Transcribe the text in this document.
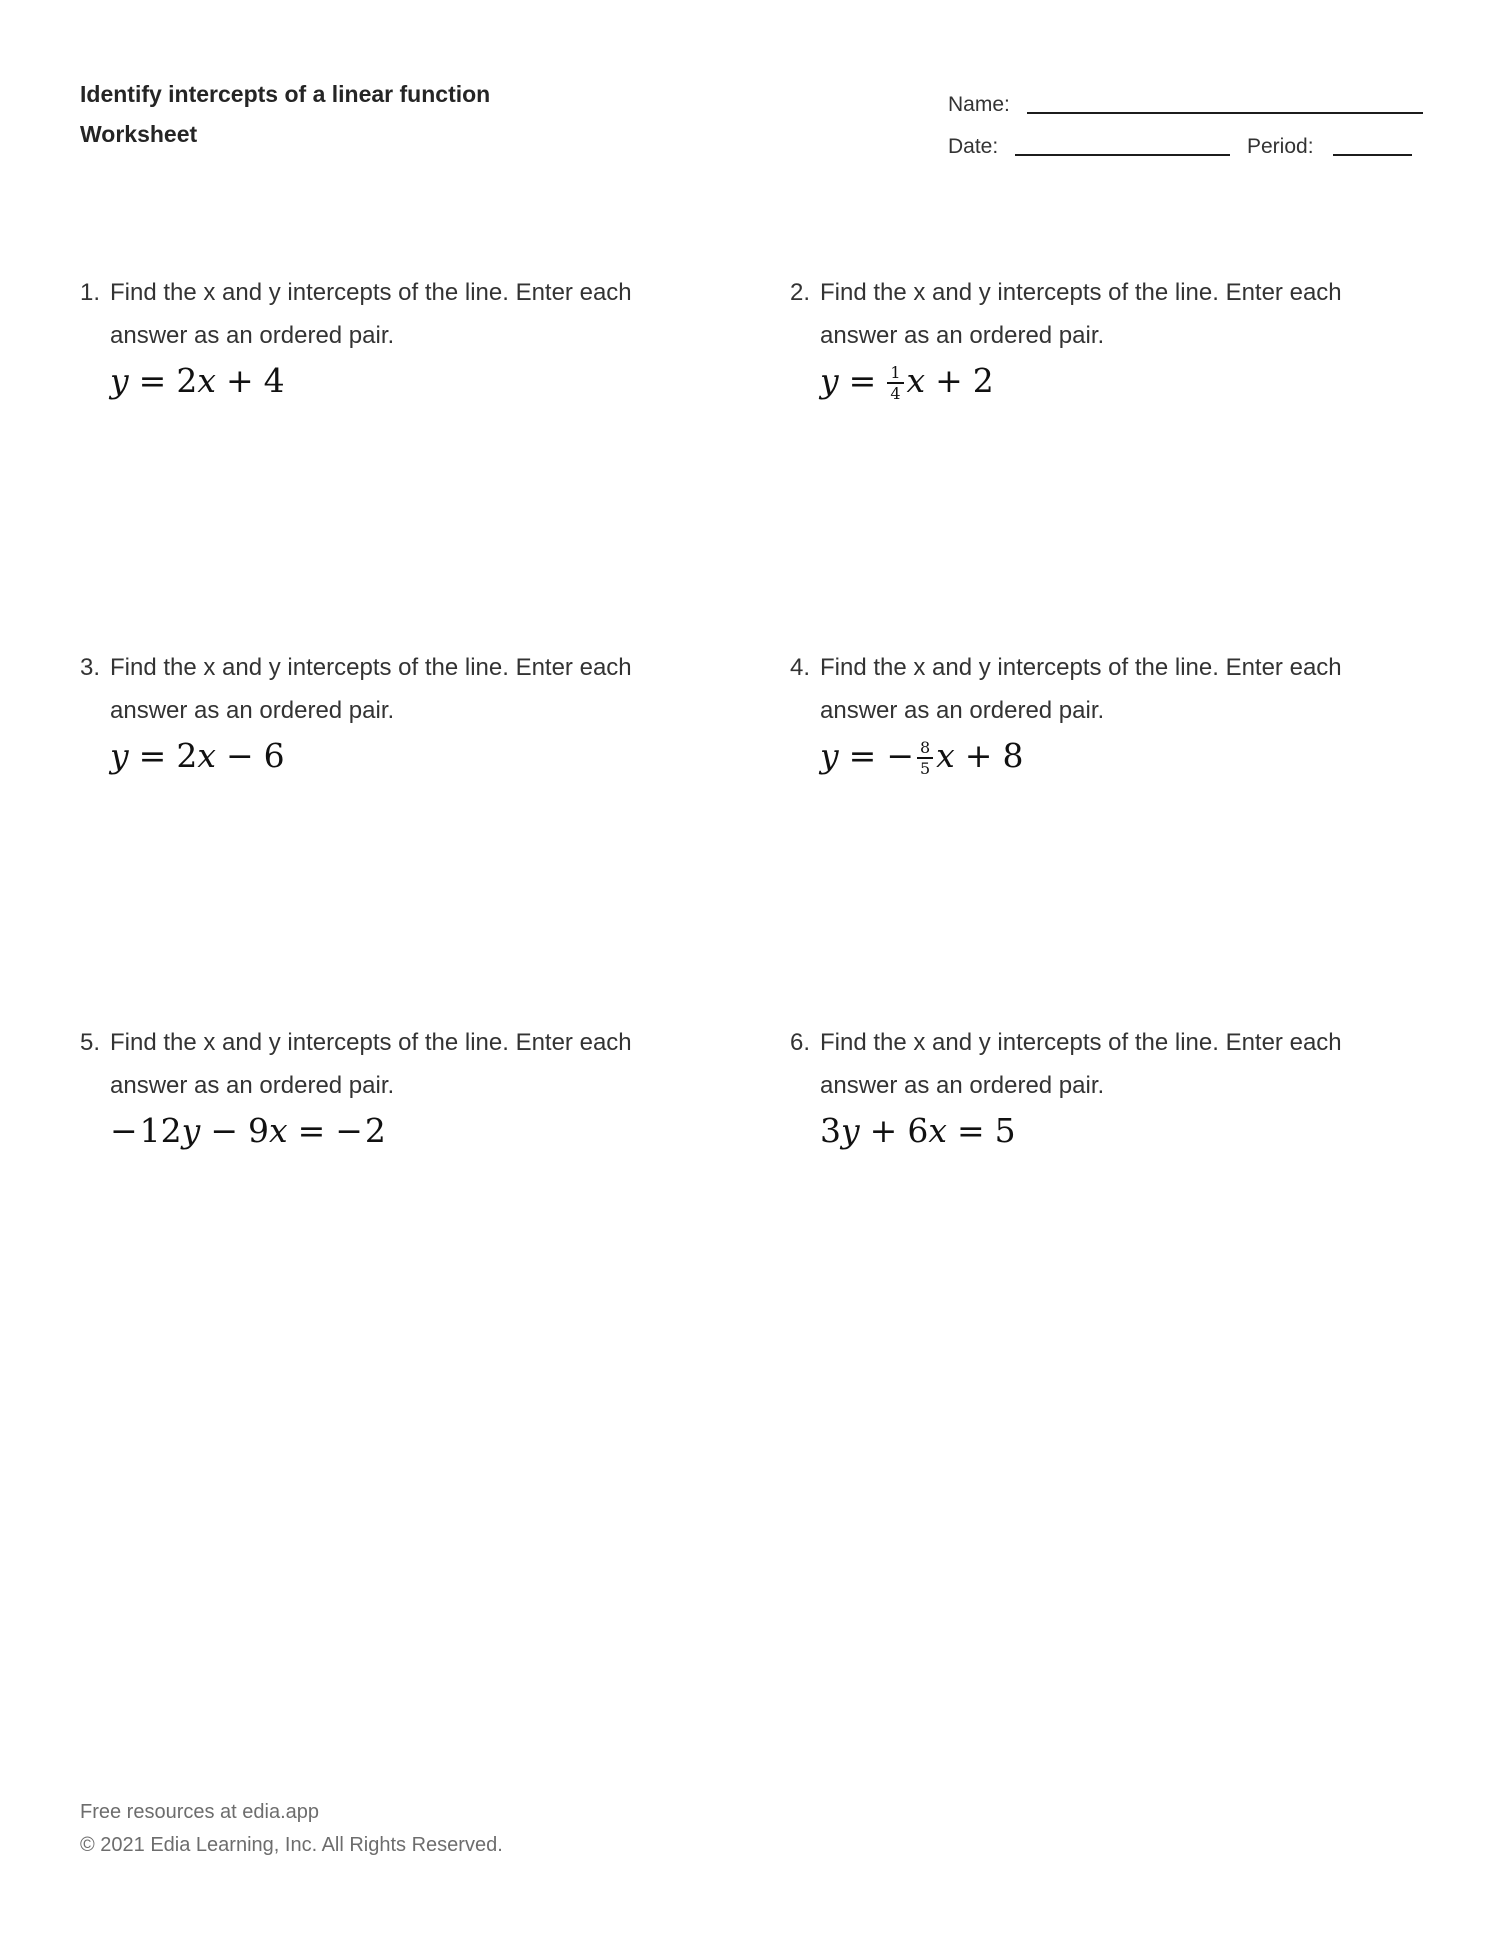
Identify intercepts of a linear function
Worksheet
Name:
Date:	Period:
1. Find the x and y intercepts of the line. Enter each
answer as an ordered pair.
y = 2x + 4
2. Find the x and y intercepts of the line. Enter each
answer as an ordered pair.
$y = \frac{1}{4}$ x + 2
3. Find the x and y intercepts of the line. Enter each
answer as an ordered pair.
y = 2x − 6
4. Find the x and y intercepts of the line. Enter each
answer as an ordered pair.
y = − $\frac{8}{5}$ x + 8
5. Find the x and y intercepts of the line. Enter each
answer as an ordered pair.
−12y − 9x = −2
6. Find the x and y intercepts of the line. Enter each
answer as an ordered pair.
3y + 6x = 5
Free resources at edia.app
© 2021 Edia Learning, Inc. All Rights Reserved.
